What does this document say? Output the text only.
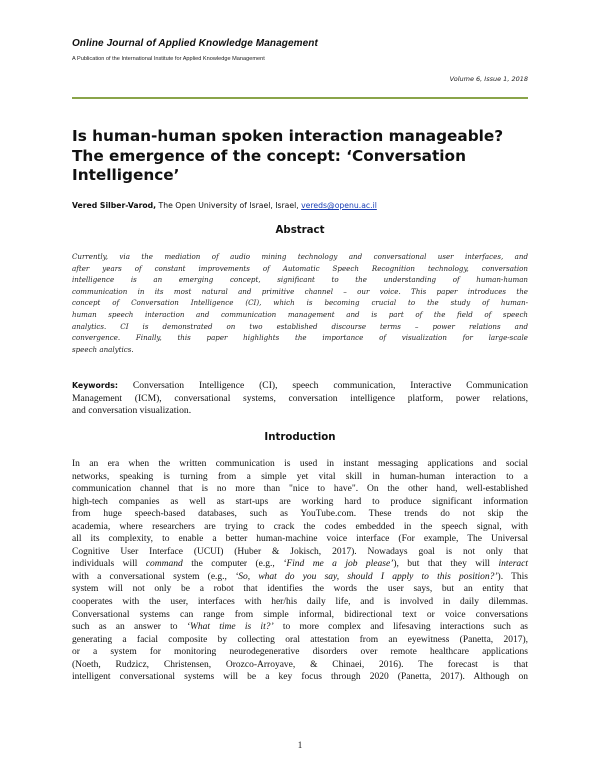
Online Journal of Applied Knowledge Management
A Publication of the International Institute for Applied Knowledge Management
Volume 6, Issue 1, 2018
Is human-human spoken interaction manageable?
The emergence of the concept: ‘Conversation
Intelligence’
Vered Silber-Varod, The Open University of Israel, Israel, vereds@openu.ac.il
Abstract
Currently, via the mediation of audio mining technology and conversational user interfaces, and
after years of constant improvements of Automatic Speech Recognition technology, conversation
intelligence is an emerging concept, significant to the understanding of human-human
communication in its most natural and primitive channel – our voice. This paper introduces the
concept of Conversation Intelligence (CI), which is becoming crucial to the study of human-
human speech interaction and communication management and is part of the field of speech
analytics. CI is demonstrated on two established discourse terms – power relations and
convergence. Finally, this paper highlights the importance of visualization for large-scale
speech analytics.
Keywords: Conversation Intelligence (CI), speech communication, Interactive Communication
Management (ICM), conversational systems, conversation intelligence platform, power relations,
and conversation visualization.
Introduction
In an era when the written communication is used in instant messaging applications and social
networks, speaking is turning from a simple yet vital skill in human-human interaction to a
communication channel that is no more than "nice to have". On the other hand, well-established
high-tech companies as well as start-ups are working hard to produce significant information
from huge speech-based databases, such as YouTube.com. These trends do not skip the
academia, where researchers are trying to crack the codes embedded in the speech signal, with
all its complexity, to enable a better human-machine voice interface (For example, The Universal
Cognitive User Interface (UCUI) (Huber & Jokisch, 2017). Nowadays goal is not only that
individuals will command the computer (e.g., ‘Find me a job please’), but that they will interact
with a conversational system (e.g., ‘So, what do you say, should I apply to this position?’). This
system will not only be a robot that identifies the words the user says, but an entity that
cooperates with the user, interfaces with her/his daily life, and is involved in daily dilemmas.
Conversational systems can range from simple informal, bidirectional text or voice conversations
such as an answer to ‘What time is it?’ to more complex and lifesaving interactions such as
generating a facial composite by collecting oral attestation from an eyewitness (Panetta, 2017),
or a system for monitoring neurodegenerative disorders over remote healthcare applications
(Noeth, Rudzicz, Christensen, Orozco-Arroyave, & Chinaei, 2016). The forecast is that
intelligent conversational systems will be a key focus through 2020 (Panetta, 2017). Although on
1
